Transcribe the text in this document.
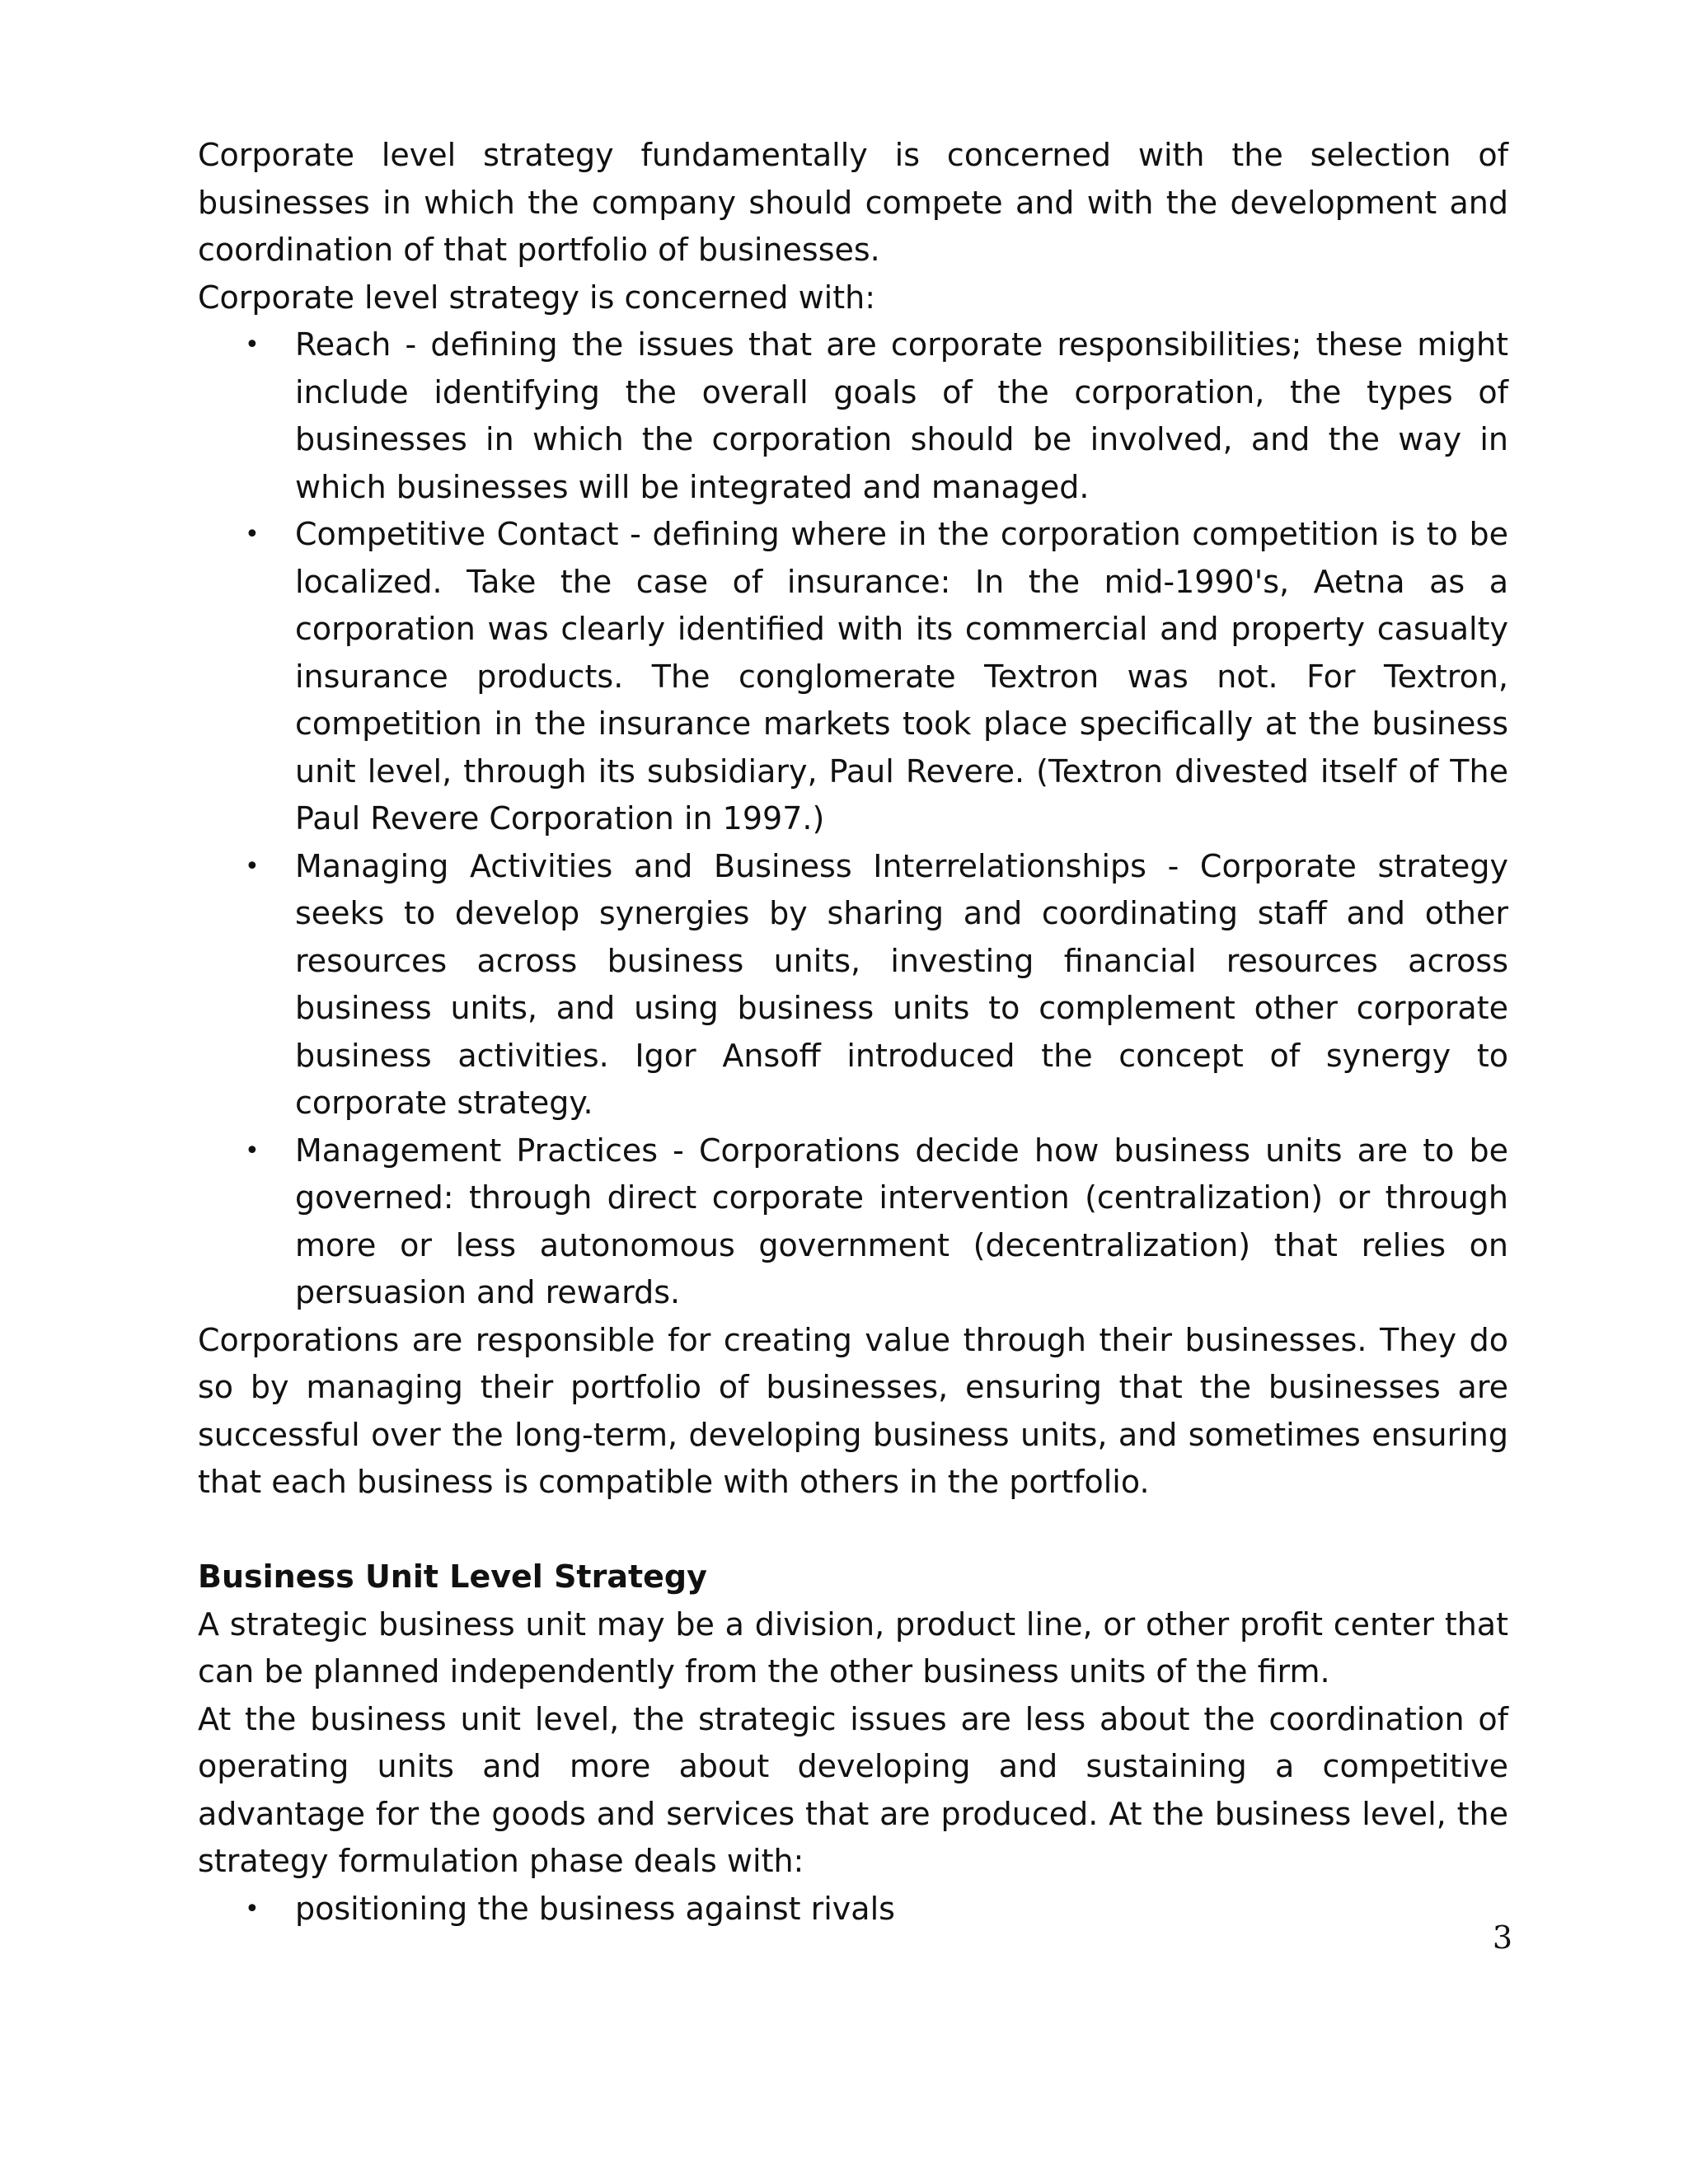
Corporate level strategy fundamentally is concerned with the selection of businesses in which the company should compete and with the development and coordination of that portfolio of businesses.

Corporate level strategy is concerned with:

• Reach - defining the issues that are corporate responsibilities; these might include identifying the overall goals of the corporation, the types of businesses in which the corporation should be involved, and the way in which businesses will be integrated and managed.
• Competitive Contact - defining where in the corporation competition is to be localized. Take the case of insurance: In the mid-1990's, Aetna as a corporation was clearly identified with its commercial and property casualty insurance products. The conglomerate Textron was not. For Textron, competition in the insurance markets took place specifically at the business unit level, through its subsidiary, Paul Revere. (Textron divested itself of The Paul Revere Corporation in 1997.)
• Managing Activities and Business Interrelationships - Corporate strategy seeks to develop synergies by sharing and coordinating staff and other resources across business units, investing financial resources across business units, and using business units to complement other corporate business activities. Igor Ansoff introduced the concept of synergy to corporate strategy.
• Management Practices - Corporations decide how business units are to be governed: through direct corporate intervention (centralization) or through more or less autonomous government (decentralization) that relies on persuasion and rewards.

Corporations are responsible for creating value through their businesses. They do so by managing their portfolio of businesses, ensuring that the businesses are successful over the long-term, developing business units, and sometimes ensuring that each business is compatible with others in the portfolio.

Business Unit Level Strategy

A strategic business unit may be a division, product line, or other profit center that can be planned independently from the other business units of the firm.

At the business unit level, the strategic issues are less about the coordination of operating units and more about developing and sustaining a competitive advantage for the goods and services that are produced. At the business level, the strategy formulation phase deals with:

• positioning the business against rivals
3
